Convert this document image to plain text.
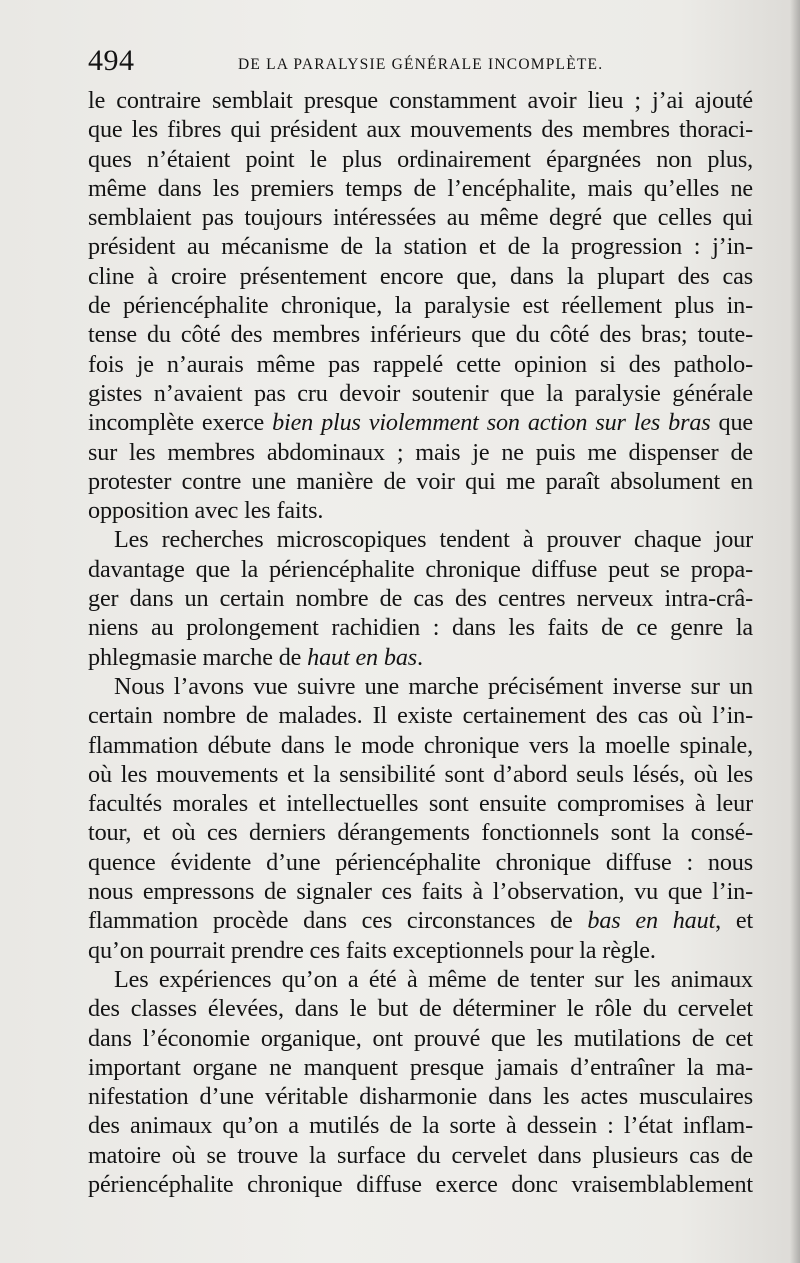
494	DE LA PARALYSIE GÉNÉRALE INCOMPLÈTE.
le contraire semblait presque constamment avoir lieu ; j’ai ajouté
que les fibres qui président aux mouvements des membres thoraci-
ques n’étaient point le plus ordinairement épargnées non plus,
même dans les premiers temps de l’encéphalite, mais qu’elles ne
semblaient pas toujours intéressées au même degré que celles qui
président au mécanisme de la station et de la progression : j’in-
cline à croire présentement encore que, dans la plupart des cas
de périencéphalite chronique, la paralysie est réellement plus in-
tense du côté des membres inférieurs que du côté des bras; toute-
fois je n’aurais même pas rappelé cette opinion si des patholo-
gistes n’avaient pas cru devoir soutenir que la paralysie générale
incomplète exerce bien plus violemment son action sur les bras que
sur les membres abdominaux ; mais je ne puis me dispenser de
protester contre une manière de voir qui me paraît absolument en
opposition avec les faits.
Les recherches microscopiques tendent à prouver chaque jour
davantage que la périencéphalite chronique diffuse peut se propa-
ger dans un certain nombre de cas des centres nerveux intra-crâ-
niens au prolongement rachidien : dans les faits de ce genre la
phlegmasie marche de haut en bas.
Nous l’avons vue suivre une marche précisément inverse sur un
certain nombre de malades. Il existe certainement des cas où l’in-
flammation débute dans le mode chronique vers la moelle spinale,
où les mouvements et la sensibilité sont d’abord seuls lésés, où les
facultés morales et intellectuelles sont ensuite compromises à leur
tour, et où ces derniers dérangements fonctionnels sont la consé-
quence évidente d’une périencéphalite chronique diffuse : nous
nous empressons de signaler ces faits à l’observation, vu que l’in-
flammation procède dans ces circonstances de bas en haut, et
qu’on pourrait prendre ces faits exceptionnels pour la règle.
Les expériences qu’on a été à même de tenter sur les animaux
des classes élevées, dans le but de déterminer le rôle du cervelet
dans l’économie organique, ont prouvé que les mutilations de cet
important organe ne manquent presque jamais d’entraîner la ma-
nifestation d’une véritable disharmonie dans les actes musculaires
des animaux qu’on a mutilés de la sorte à dessein : l’état inflam-
matoire où se trouve la surface du cervelet dans plusieurs cas de
périencéphalite chronique diffuse exerce donc vraisemblablement
